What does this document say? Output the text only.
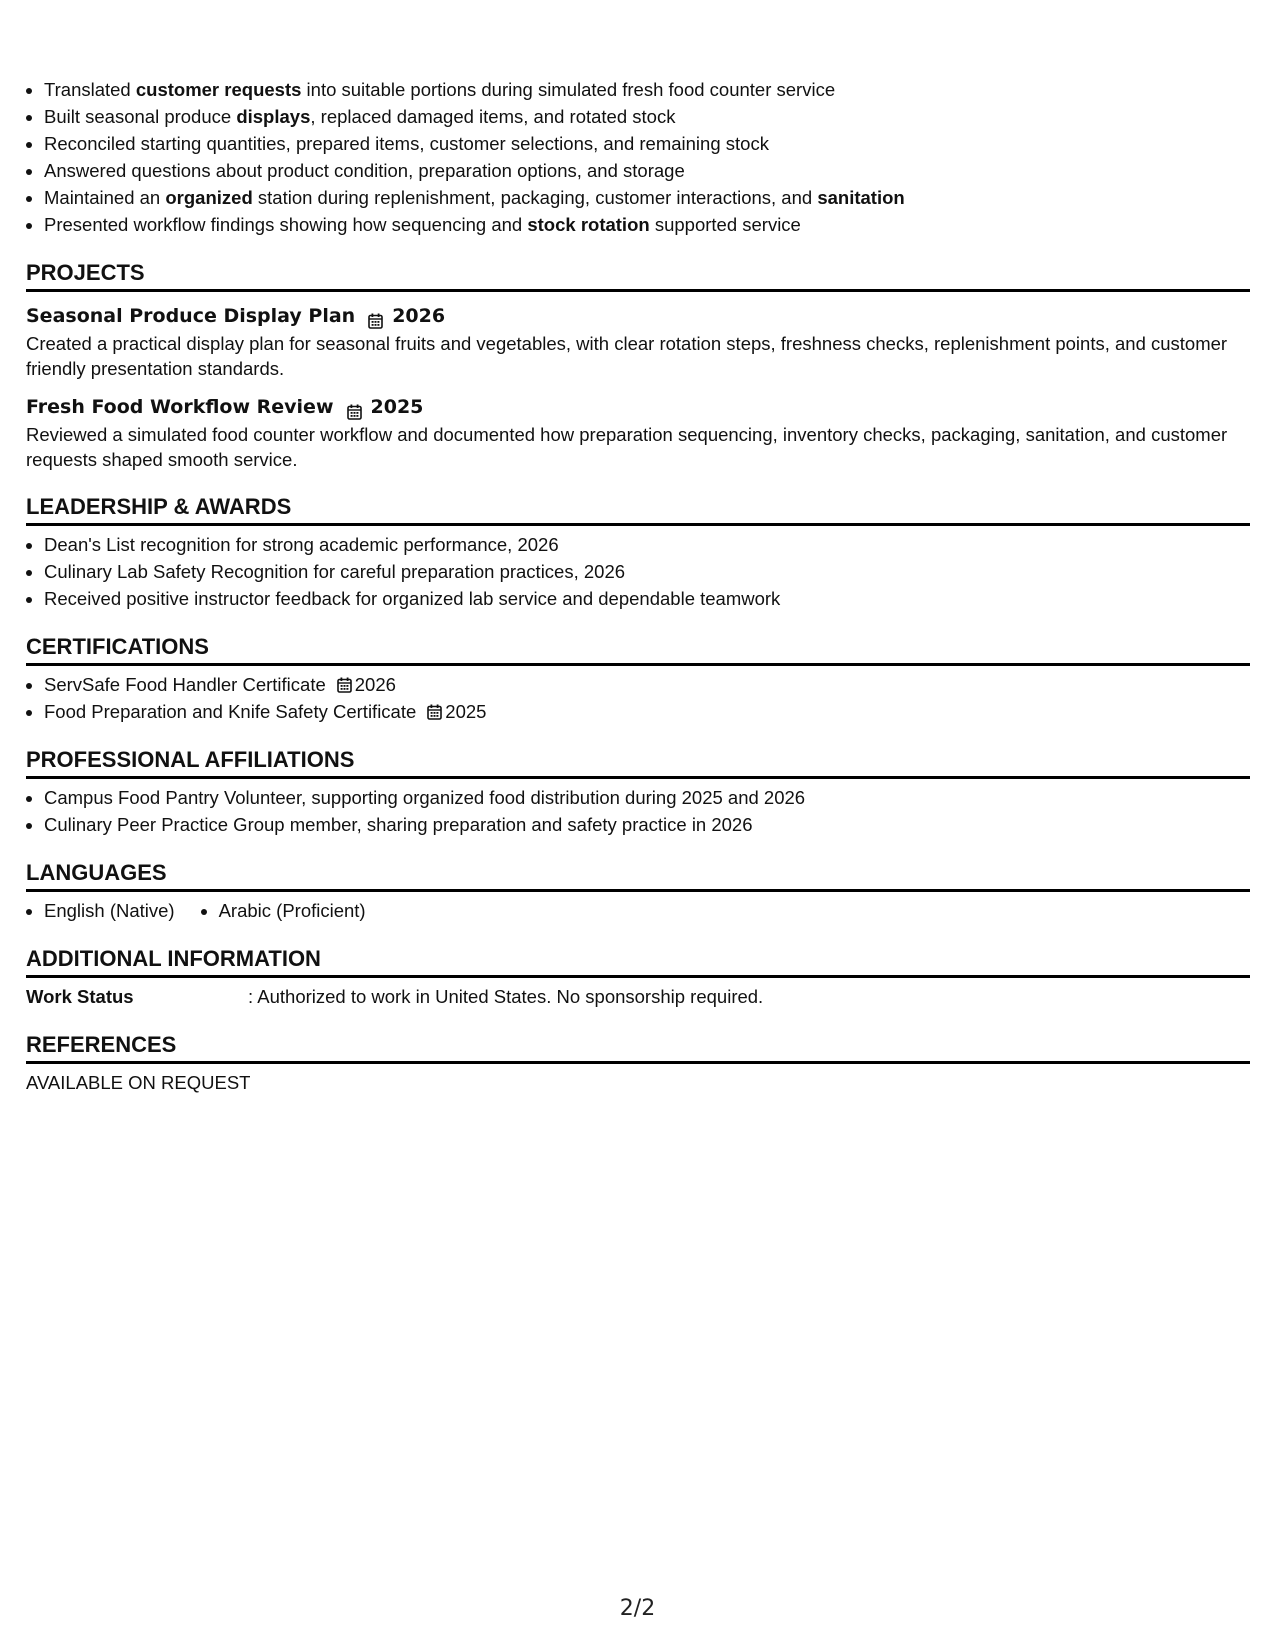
• Translated customer requests into suitable portions during simulated fresh food counter service
• Built seasonal produce displays, replaced damaged items, and rotated stock
• Reconciled starting quantities, prepared items, customer selections, and remaining stock
• Answered questions about product condition, preparation options, and storage
• Maintained an organized station during replenishment, packaging, customer interactions, and sanitation
• Presented workflow findings showing how sequencing and stock rotation supported service
PROJECTS
Seasonal Produce Display Plan 2026
Created a practical display plan for seasonal fruits and vegetables, with clear rotation steps, freshness checks, replenishment points, and customer friendly presentation standards.
Fresh Food Workflow Review 2025
Reviewed a simulated food counter workflow and documented how preparation sequencing, inventory checks, packaging, sanitation, and customer requests shaped smooth service.
LEADERSHIP & AWARDS
• Dean's List recognition for strong academic performance, 2026
• Culinary Lab Safety Recognition for careful preparation practices, 2026
• Received positive instructor feedback for organized lab service and dependable teamwork
CERTIFICATIONS
• ServSafe Food Handler Certificate 2026
• Food Preparation and Knife Safety Certificate 2025
PROFESSIONAL AFFILIATIONS
• Campus Food Pantry Volunteer, supporting organized food distribution during 2025 and 2026
• Culinary Peer Practice Group member, sharing preparation and safety practice in 2026
LANGUAGES
• English (Native)
• Arabic (Proficient)
ADDITIONAL INFORMATION
Work Status	: Authorized to work in United States. No sponsorship required.
REFERENCES
AVAILABLE ON REQUEST
2/2
